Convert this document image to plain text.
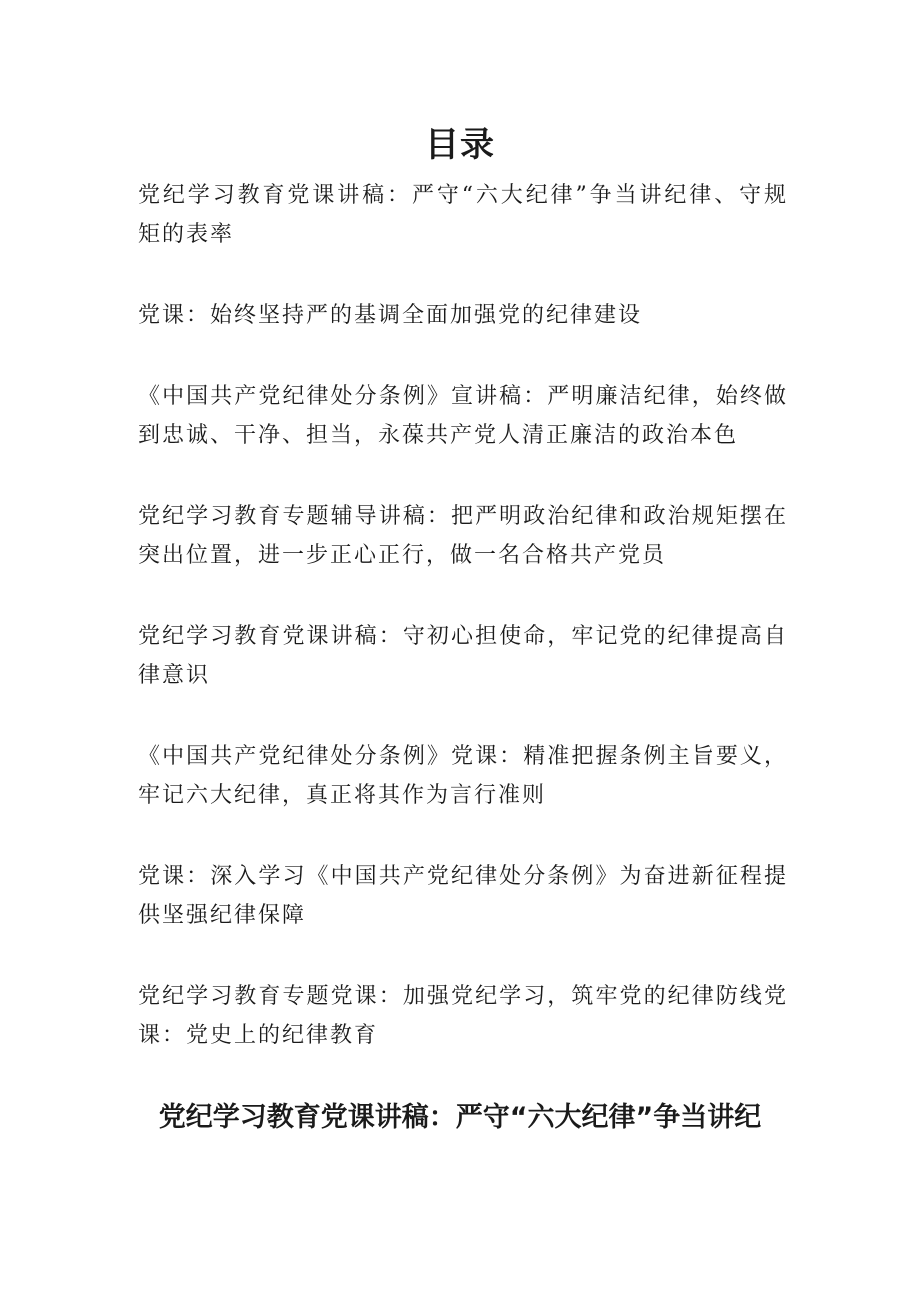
目录
党纪学习教育党课讲稿：严守“六大纪律”争当讲纪律、守规矩的表率
党课：始终坚持严的基调全面加强党的纪律建设
《中国共产党纪律处分条例》宣讲稿：严明廉洁纪律，始终做到忠诚、干净、担当，永葆共产党人清正廉洁的政治本色
党纪学习教育专题辅导讲稿：把严明政治纪律和政治规矩摆在突出位置，进一步正心正行，做一名合格共产党员
党纪学习教育党课讲稿：守初心担使命，牢记党的纪律提高自律意识
《中国共产党纪律处分条例》党课：精准把握条例主旨要义，牢记六大纪律，真正将其作为言行准则
党课：深入学习《中国共产党纪律处分条例》为奋进新征程提供坚强纪律保障
党纪学习教育专题党课：加强党纪学习，筑牢党的纪律防线党课：党史上的纪律教育
党纪学习教育党课讲稿：严守“六大纪律”争当讲纪
